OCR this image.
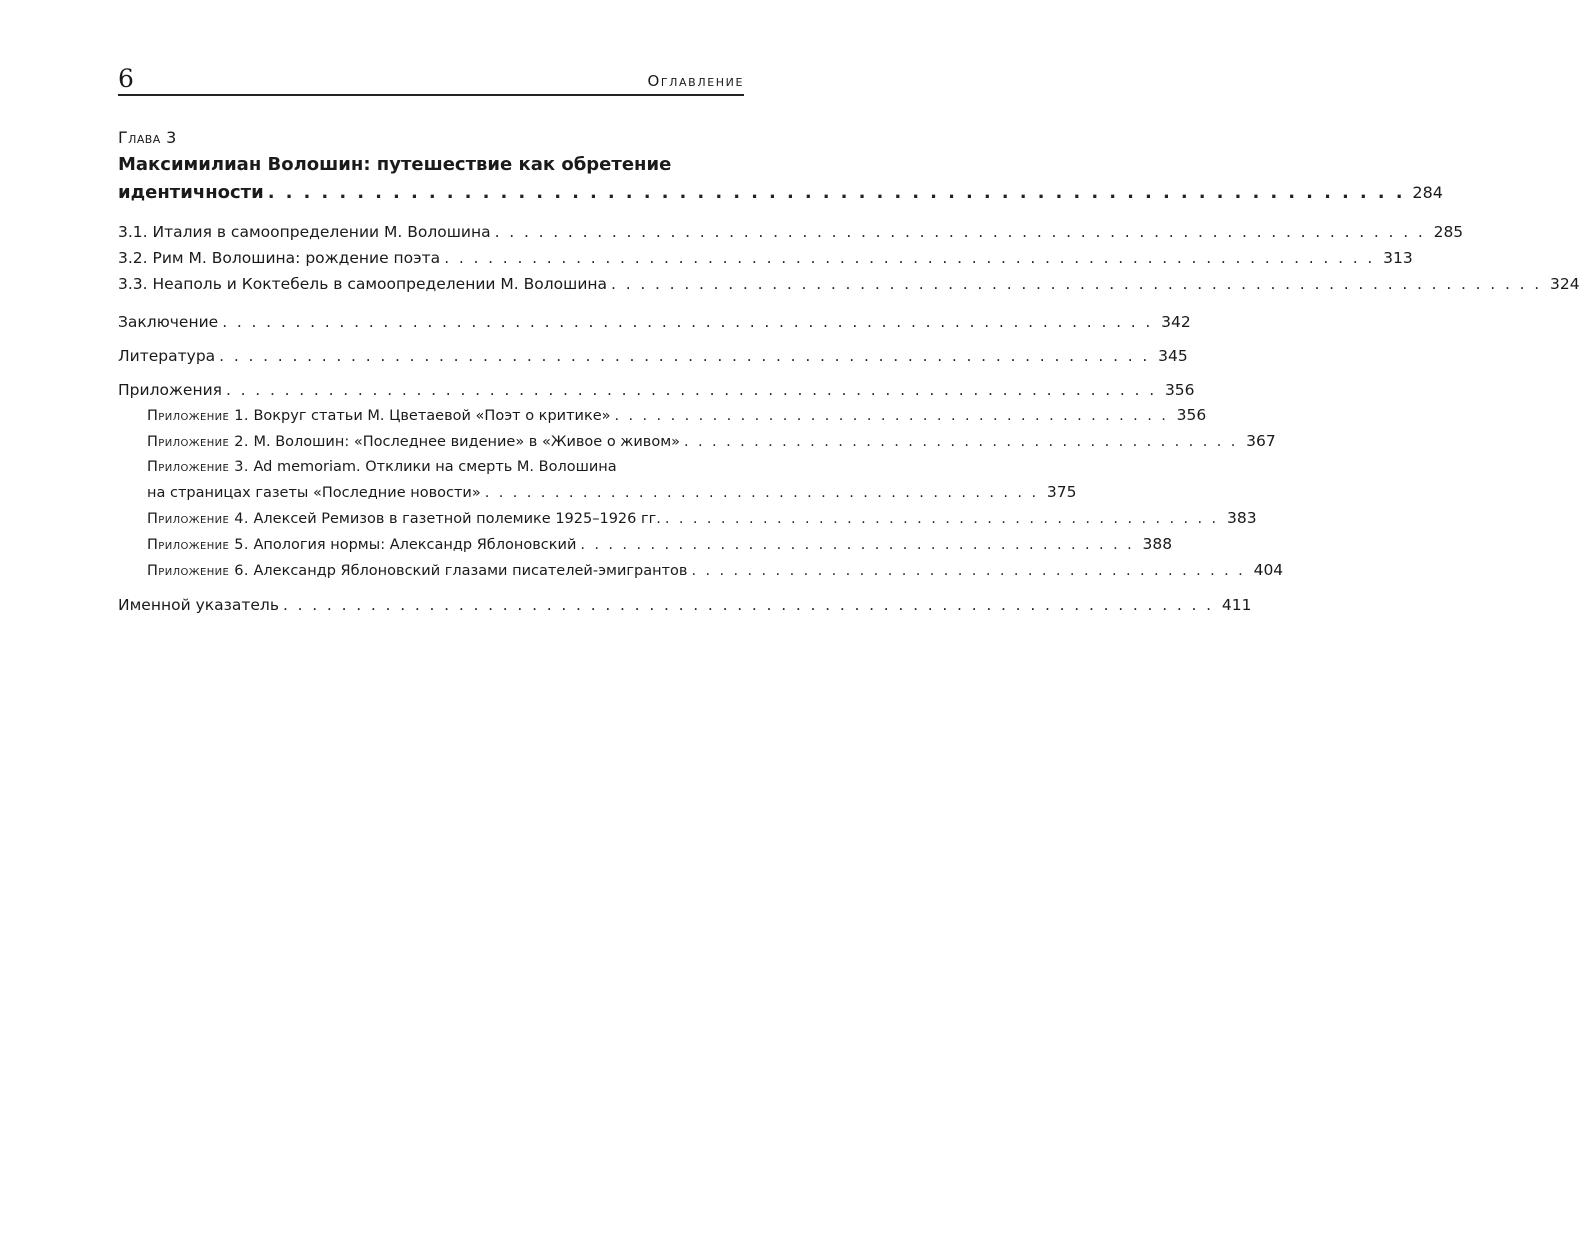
6	Оглавление
Глава 3
Максимилиан Волошин: путешествие как обретение
идентичности . . . . . . . . . . . . . . . . . . . . . . . . . . . . . . . . . . . . . . . . . . . . . . . . . . . . . . . . . . . . . . . . 284
3.1. Италия в самоопределении М. Волошина . . . . . . . . . . . . . . . . . . . . . . . . . . . . . . . . . . . . . . . . . . . . . . . . . . . . . . . . . . . . . . . . 285
3.2. Рим М. Волошина: рождение поэта . . . . . . . . . . . . . . . . . . . . . . . . . . . . . . . . . . . . . . . . . . . . . . . . . . . . . . . . . . . . . . . . 313
3.3. Неаполь и Коктебель в самоопределении М. Волошина . . . . . . . . . . . . . . . . . . . . . . . . . . . . . . . . . . . . . . . . . . . . . . . . . . . . . . . . . . . . . . . . 324
Заключение . . . . . . . . . . . . . . . . . . . . . . . . . . . . . . . . . . . . . . . . . . . . . . . . . . . . . . . . . . . . . . . . 342
Литература . . . . . . . . . . . . . . . . . . . . . . . . . . . . . . . . . . . . . . . . . . . . . . . . . . . . . . . . . . . . . . . . 345
Приложения . . . . . . . . . . . . . . . . . . . . . . . . . . . . . . . . . . . . . . . . . . . . . . . . . . . . . . . . . . . . . . . . 356
Приложение 1. Вокруг статьи М. Цветаевой «Поэт о критике» . . . . . . . . . . . . . . . . . . . . . . . . . . . . . . . . . . . . . . . . 356
Приложение 2. М. Волошин: «Последнее видение» в «Живое о живом» . . . . . . . . . . . . . . . . . . . . . . . . . . . . . . . . . . . . . . . . 367
Приложение 3. Ad memoriam. Отклики на смерть М. Волошина
на страницах газеты «Последние новости» . . . . . . . . . . . . . . . . . . . . . . . . . . . . . . . . . . . . . . . . 375
Приложение 4. Алексей Ремизов в газетной полемике 1925–1926 гг. . . . . . . . . . . . . . . . . . . . . . . . . . . . . . . . . . . . . . . . . 383
Приложение 5. Апология нормы: Александр Яблоновский . . . . . . . . . . . . . . . . . . . . . . . . . . . . . . . . . . . . . . . . 388
Приложение 6. Александр Яблоновский глазами писателей-эмигрантов . . . . . . . . . . . . . . . . . . . . . . . . . . . . . . . . . . . . . . . . 404
Именной указатель . . . . . . . . . . . . . . . . . . . . . . . . . . . . . . . . . . . . . . . . . . . . . . . . . . . . . . . . . . . . . . . . 411
